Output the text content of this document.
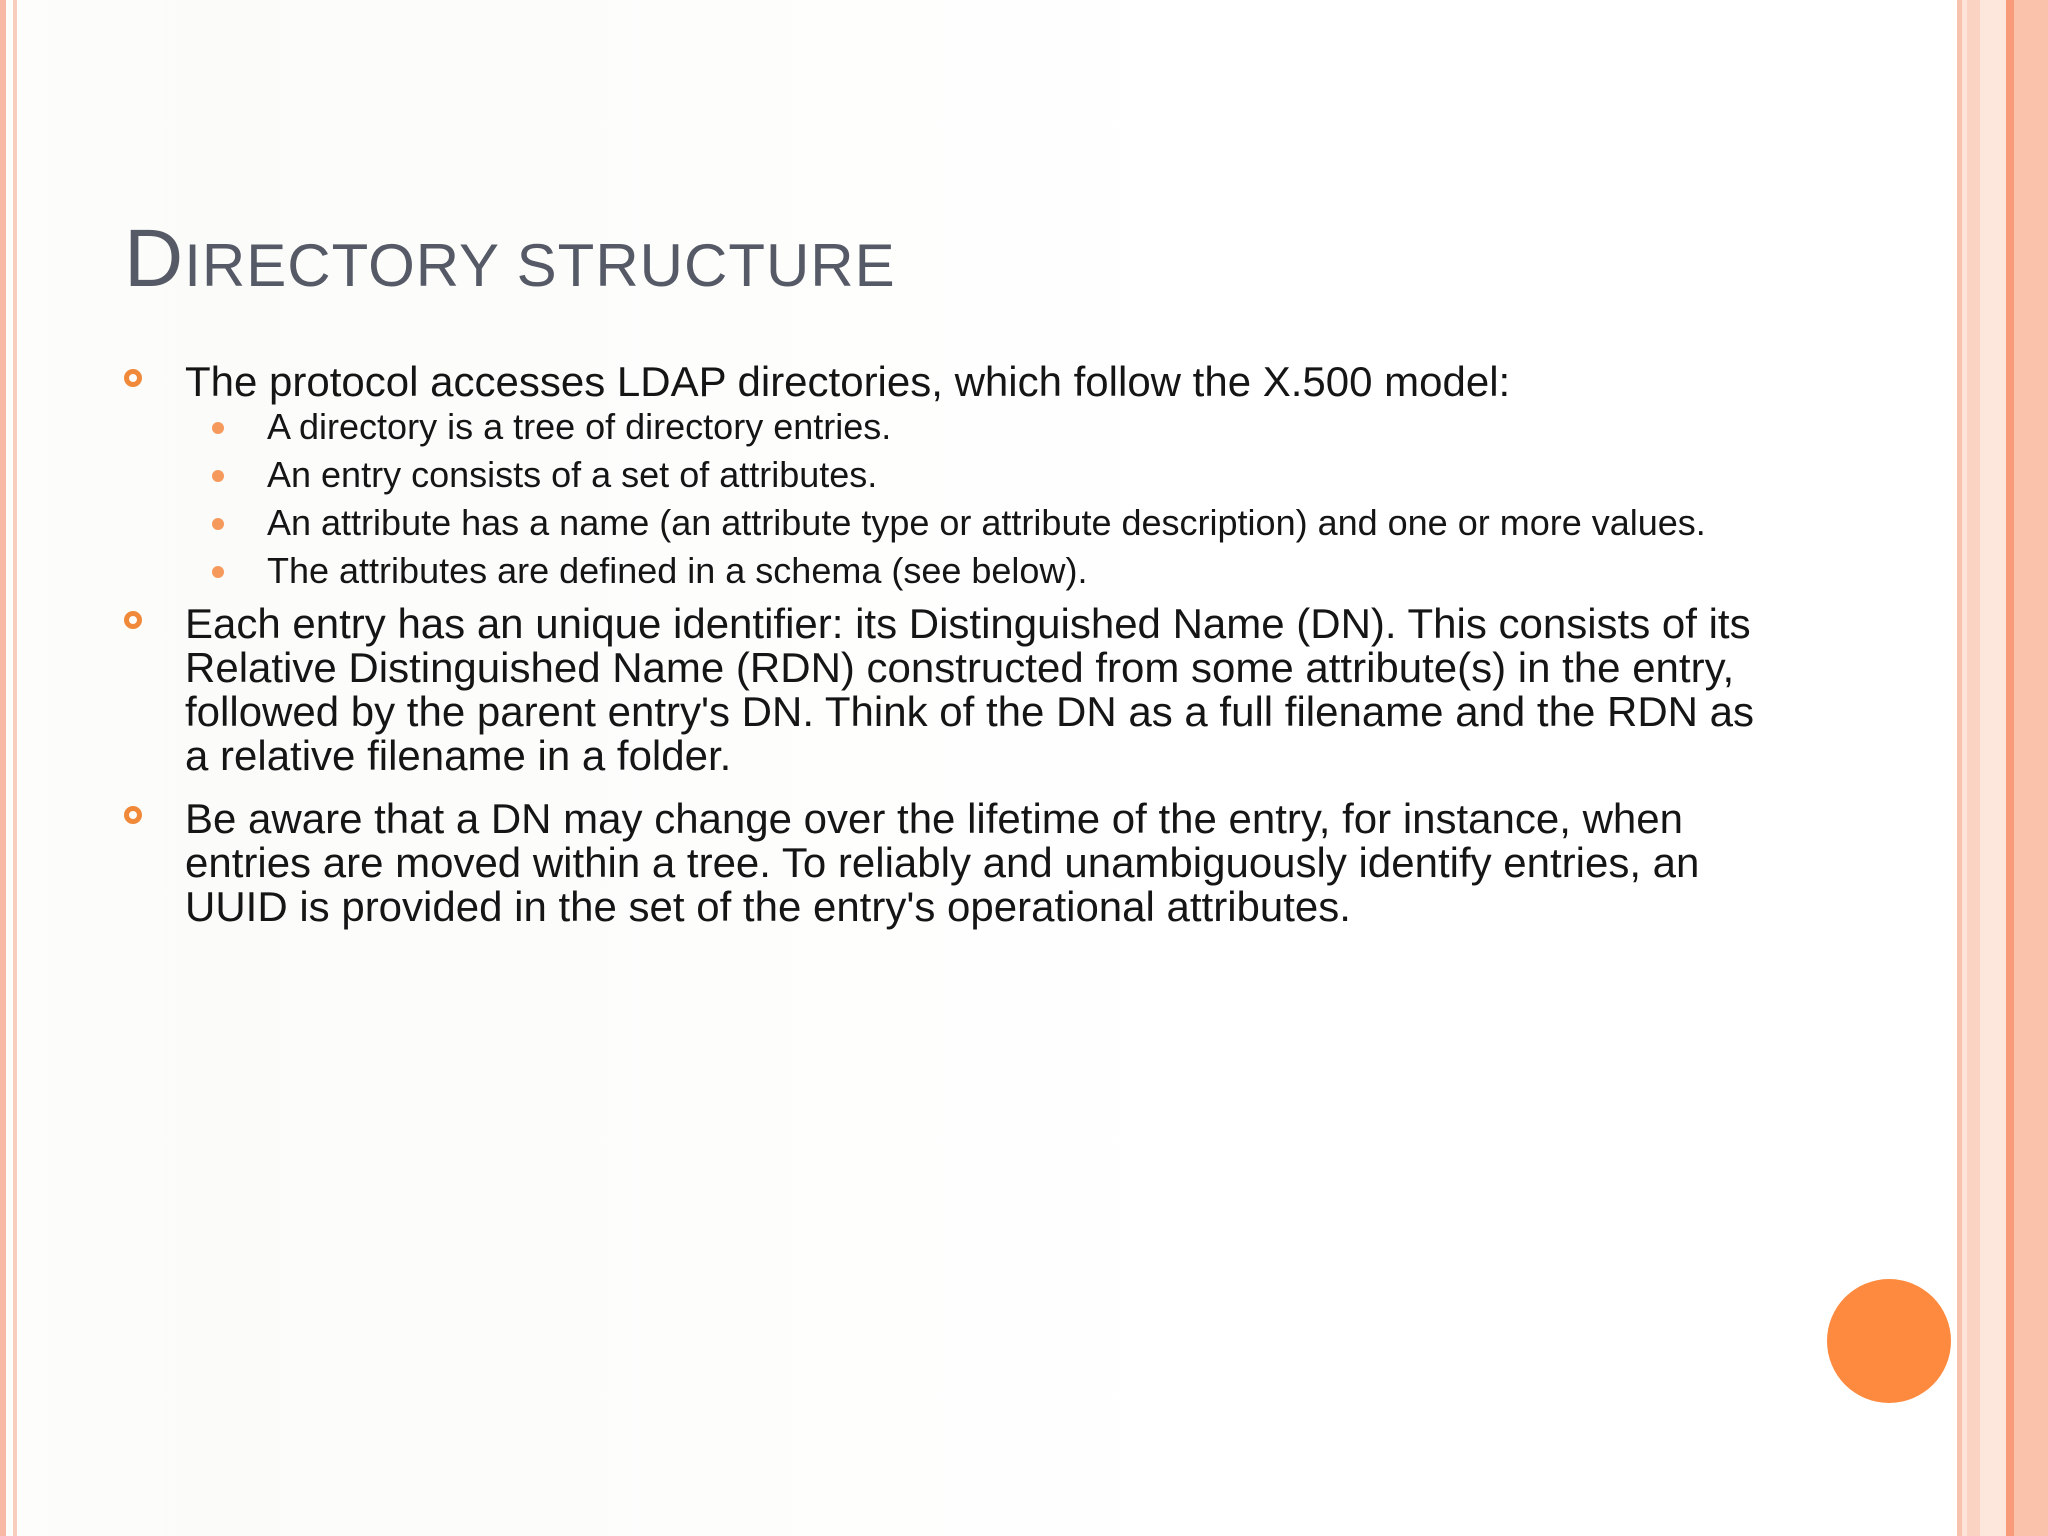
DIRECTORY STRUCTURE
The protocol accesses LDAP directories, which follow the X.500 model:
A directory is a tree of directory entries.
An entry consists of a set of attributes.
An attribute has a name (an attribute type or attribute description) and one or more values.
The attributes are defined in a schema (see below).
Each entry has an unique identifier: its Distinguished Name (DN). This consists of its Relative Distinguished Name (RDN) constructed from some attribute(s) in the entry, followed by the parent entry's DN. Think of the DN as a full filename and the RDN as a relative filename in a folder.
Be aware that a DN may change over the lifetime of the entry, for instance, when entries are moved within a tree. To reliably and unambiguously identify entries, an UUID is provided in the set of the entry's operational attributes.
